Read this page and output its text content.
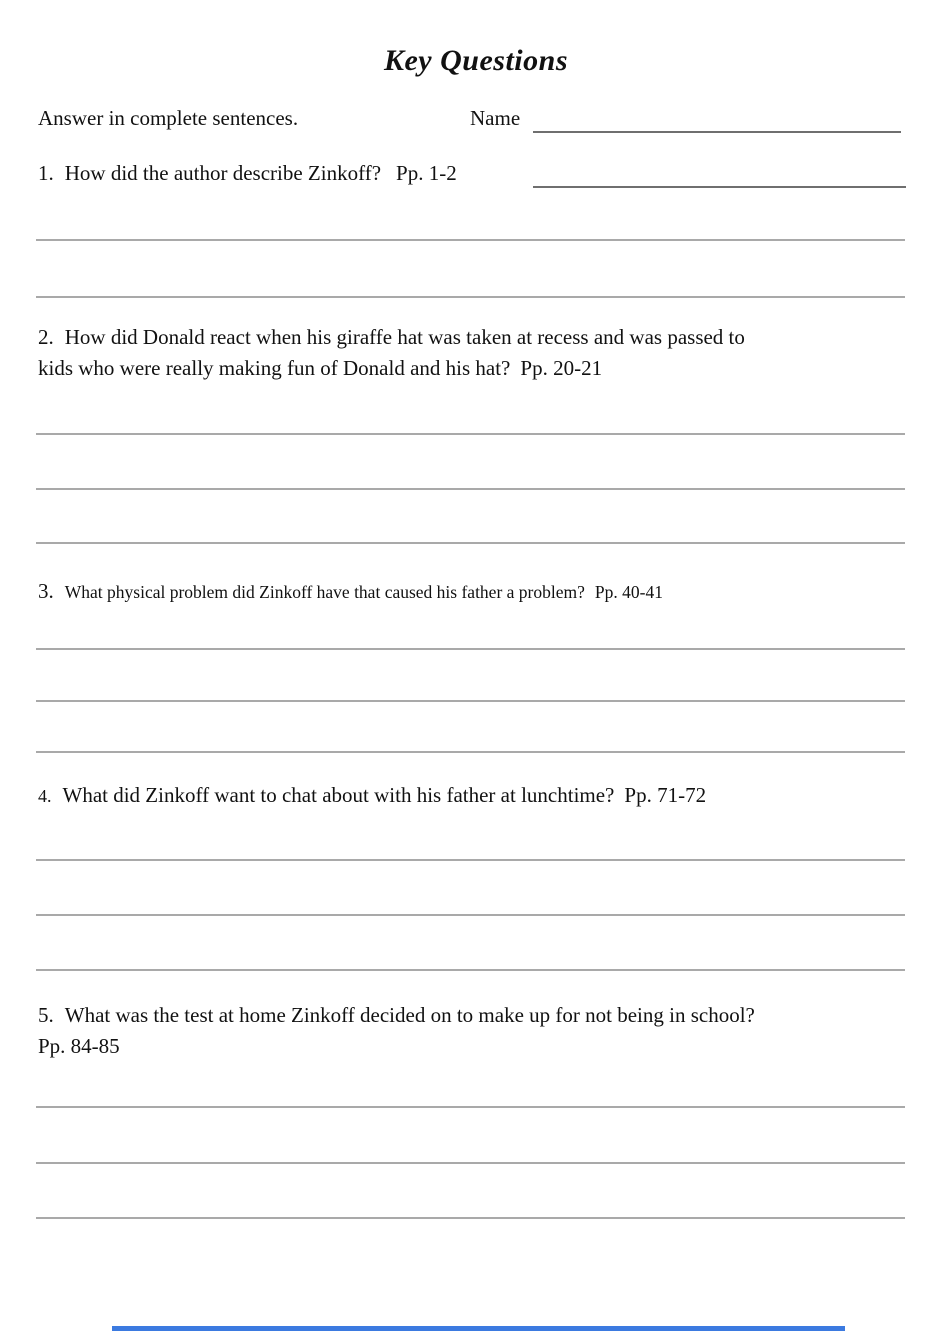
Key Questions
Answer in complete sentences.	Name
1. How did the author describe Zinkoff? Pp. 1-2
2. How did Donald react when his giraffe hat was taken at recess and was passed to
kids who were really making fun of Donald and his hat? Pp. 20-21
3. What physical problem did Zinkoff have that caused his father a problem? Pp. 40-41
4. What did Zinkoff want to chat about with his father at lunchtime? Pp. 71-72
5. What was the test at home Zinkoff decided on to make up for not being in school?
Pp. 84-85
